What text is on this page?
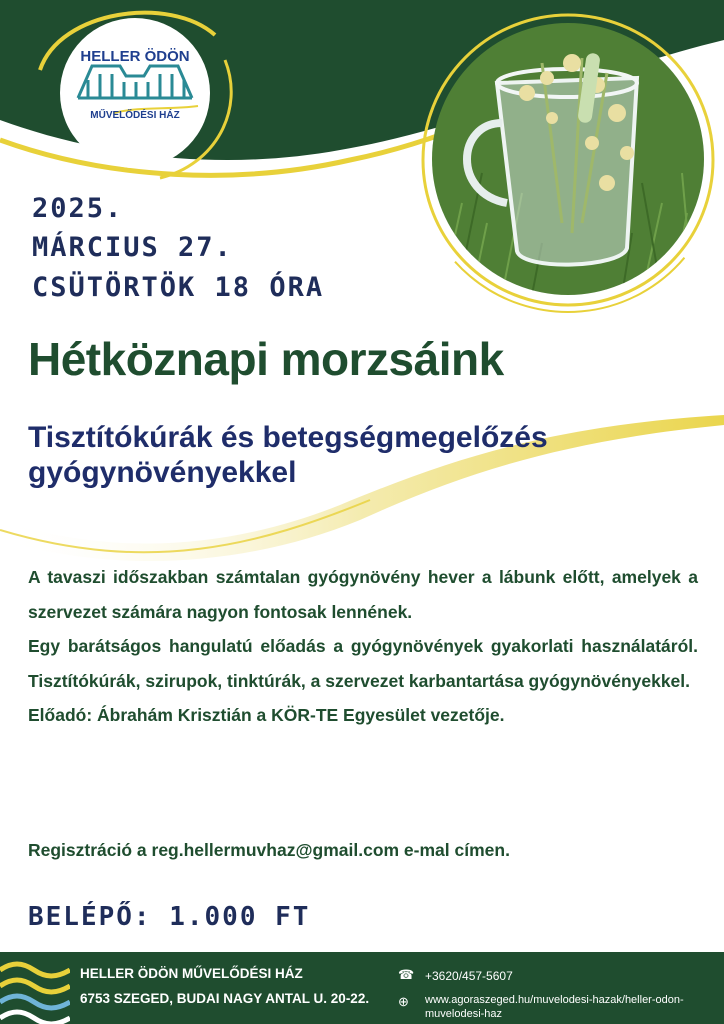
HELLER ÖDÖN
MŰVELŐDÉSI HÁZ
2025.
MÁRCIUS 27.
CSÜTÖRTÖK 18 ÓRA
Hétköznapi morzsáink
Tisztítókúrák és betegségmegelőzés gyógynövényekkel

A tavaszi időszakban számtalan gyógynövény hever a lábunk előtt, amelyek a szervezet számára nagyon fontosak lennének.

Egy barátságos hangulatú előadás a gyógynövények gyakorlati használatáról. Tisztítókúrák, szirupok, tinktúrák, a szervezet karbantartása gyógynövényekkel.

Előadó: Ábrahám Krisztián a KÖR-TE Egyesület vezetője.

Regisztráció a reg.hellermuvhaz@gmail.com e-mal címen.
BELÉPŐ: 1.000 FT
HELLER ÖDÖN MŰVELŐDÉSI HÁZ
6753 SZEGED, BUDAI NAGY ANTAL U. 20-22.
☎ +3620/457-5607
⊕ www.agoraszeged.hu/muvelodesi-hazak/heller-odon-muvelodesi-haz
